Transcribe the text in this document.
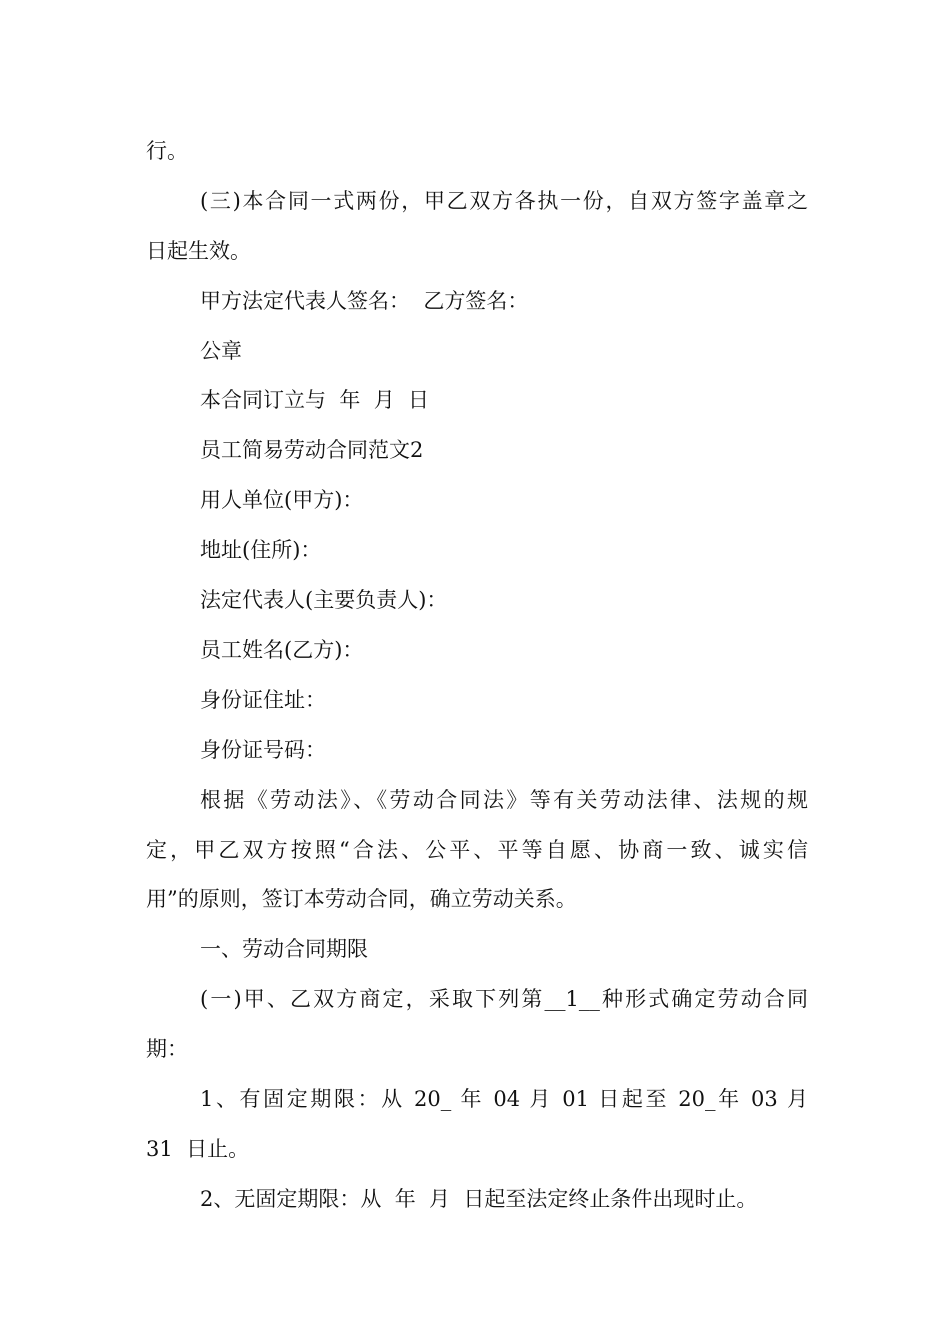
行。

(三)本合同一式两份，甲乙双方各执一份，自双方签字盖章之

日起生效。

甲方法定代表人签名：  乙方签名：

公章

本合同订立与  年  月  日

员工简易劳动合同范文2

用人单位(甲方)：

地址(住所)：

法定代表人(主要负责人)：

员工姓名(乙方)：

身份证住址：

身份证号码：

根据《劳动法》、《劳动合同法》等有关劳动法律、法规的规

定，甲乙双方按照“合法、公平、平等自愿、协商一致、诚实信

用”的原则，签订本劳动合同，确立劳动关系。

一、劳动合同期限

(一)甲、乙双方商定，采取下列第__1__种形式确定劳动合同

期：

1、有固定期限：从 20_ 年 04 月 01 日起至 20_年 03 月

31  日止。

2、无固定期限：从  年  月  日起至法定终止条件出现时止。
